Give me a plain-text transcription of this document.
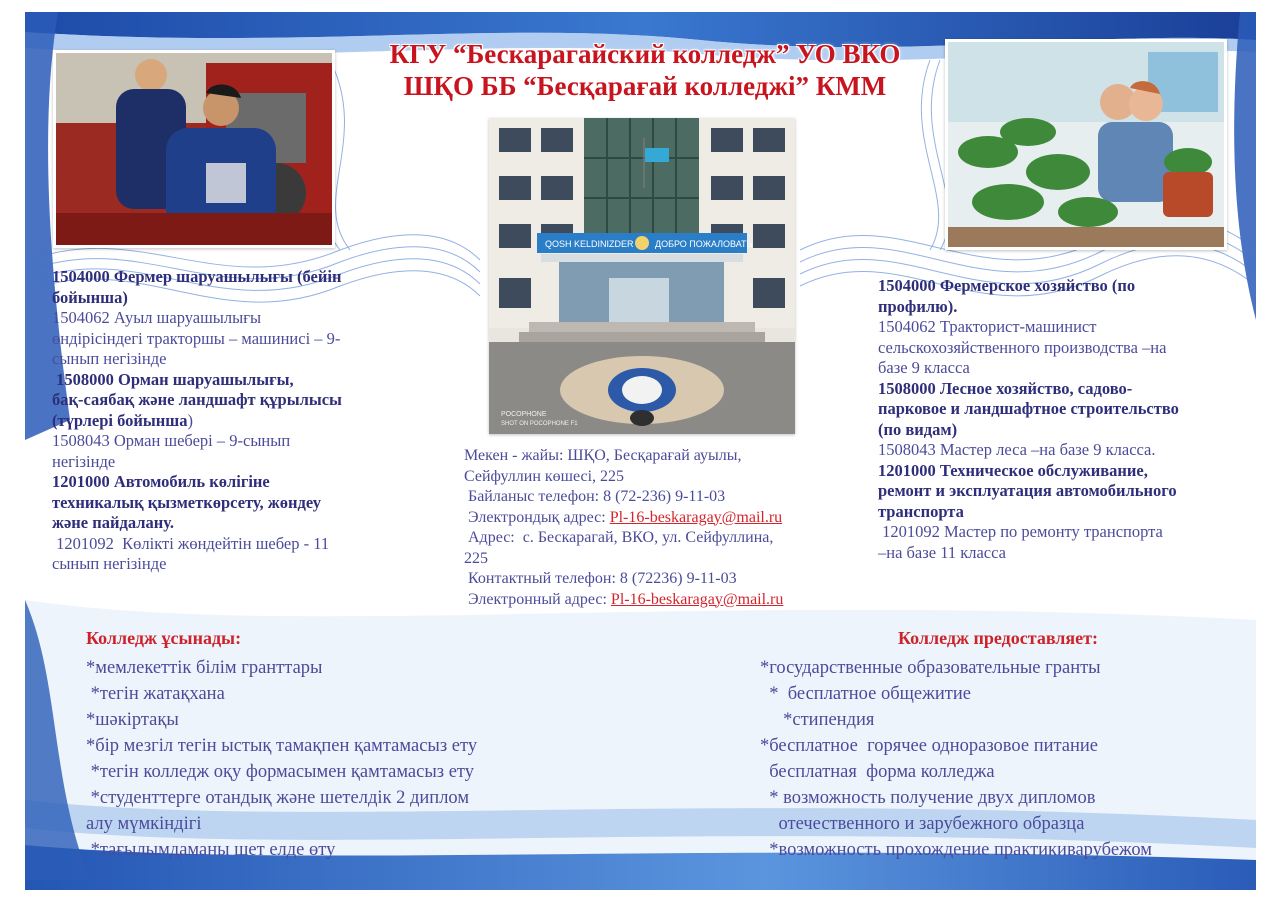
КГУ “Бескарагайский колледж” УО ВКО
ШҚО ББ “Бесқарағай колледжі” КММ
QOSH KELDINIZDER ДОБРО ПОЖАЛОВАТЬ
POCOPHONE
SHOT ON POCOPHONE F1
1504000 Фермер шаруашылығы (бейін
бойынша)
1504062 Ауыл шаруашылығы
өндірісіндегі тракторшы – машинисі – 9-
сынып негізінде
1508000 Орман шаруашылығы,
бақ-саябақ және ландшафт құрылысы
(түрлері бойынша)
1508043 Орман шебері – 9-сынып
негізінде
1201000 Автомобиль көлігіне
техникалық қызметкөрсету, жөндеу
және пайдалану.
1201092  Көлікті жөндейтін шебер - 11
сынып негізінде
1504000 Фермерское хозяйство (по
профилю).
1504062 Тракторист-машинист
сельскохозяйственного производства –на
базе 9 класса
1508000 Лесное хозяйство, садово-
парковое и ландшафтное строительство
(по видам)
1508043 Мастер леса –на базе 9 класса.
1201000 Техническое обслуживание,
ремонт и эксплуатация автомобильного
транспорта
1201092 Мастер по ремонту транспорта
–на базе 11 класса
Мекен - жайы: ШҚО, Бесқарағай ауылы,
Сейфуллин көшесі, 225
Байланыс телефон: 8 (72-236) 9-11-03
Электрондық адрес: Pl-16-beskaragay@mail.ru
Адрес:  с. Бескарагай, ВКО, ул. Сейфуллина,
225
Контактный телефон: 8 (72236) 9-11-03
Электронный адрес: Pl-16-beskaragay@mail.ru
Колледж ұсынады:	Колледж предоставляет:
*мемлекеттік білім гранттары
*тегін жатақхана
*шәкіртақы
*бір мезгіл тегін ыстық тамақпен қамтамасыз ету
*тегін колледж оқу формасымен қамтамасыз ету
*студенттерге отандық және шетелдік 2 диплом
алу мүмкіндігі
*тағылымдаманы шет елде өту
*государственные образовательные гранты
*  бесплатное общежитие
*стипендия
*бесплатное  горячее одноразовое питание
бесплатная  форма колледжа
* возможность получение двух дипломов
отечественного и зарубежного образца
*возможность прохождение практикиварубежом
